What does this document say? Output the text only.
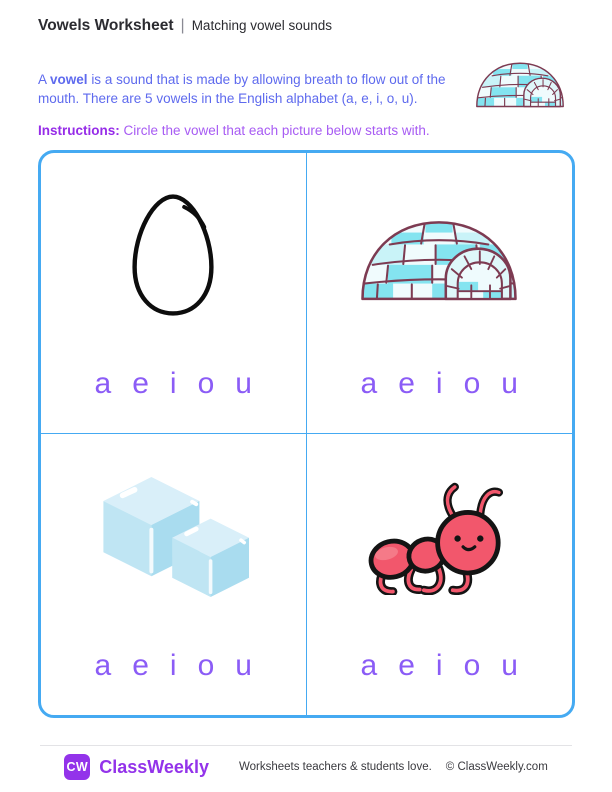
Vowels Worksheet | Matching vowel sounds

A vowel is a sound that is made by allowing breath to flow out of the mouth. There are 5 vowels in the English alphabet (a, e, i, o, u).

Instructions: Circle the vowel that each picture below starts with.

a e i o u	a e i o u
a e i o u	a e i o u
CW ClassWeekly	Worksheets teachers & students love. © ClassWeekly.com
